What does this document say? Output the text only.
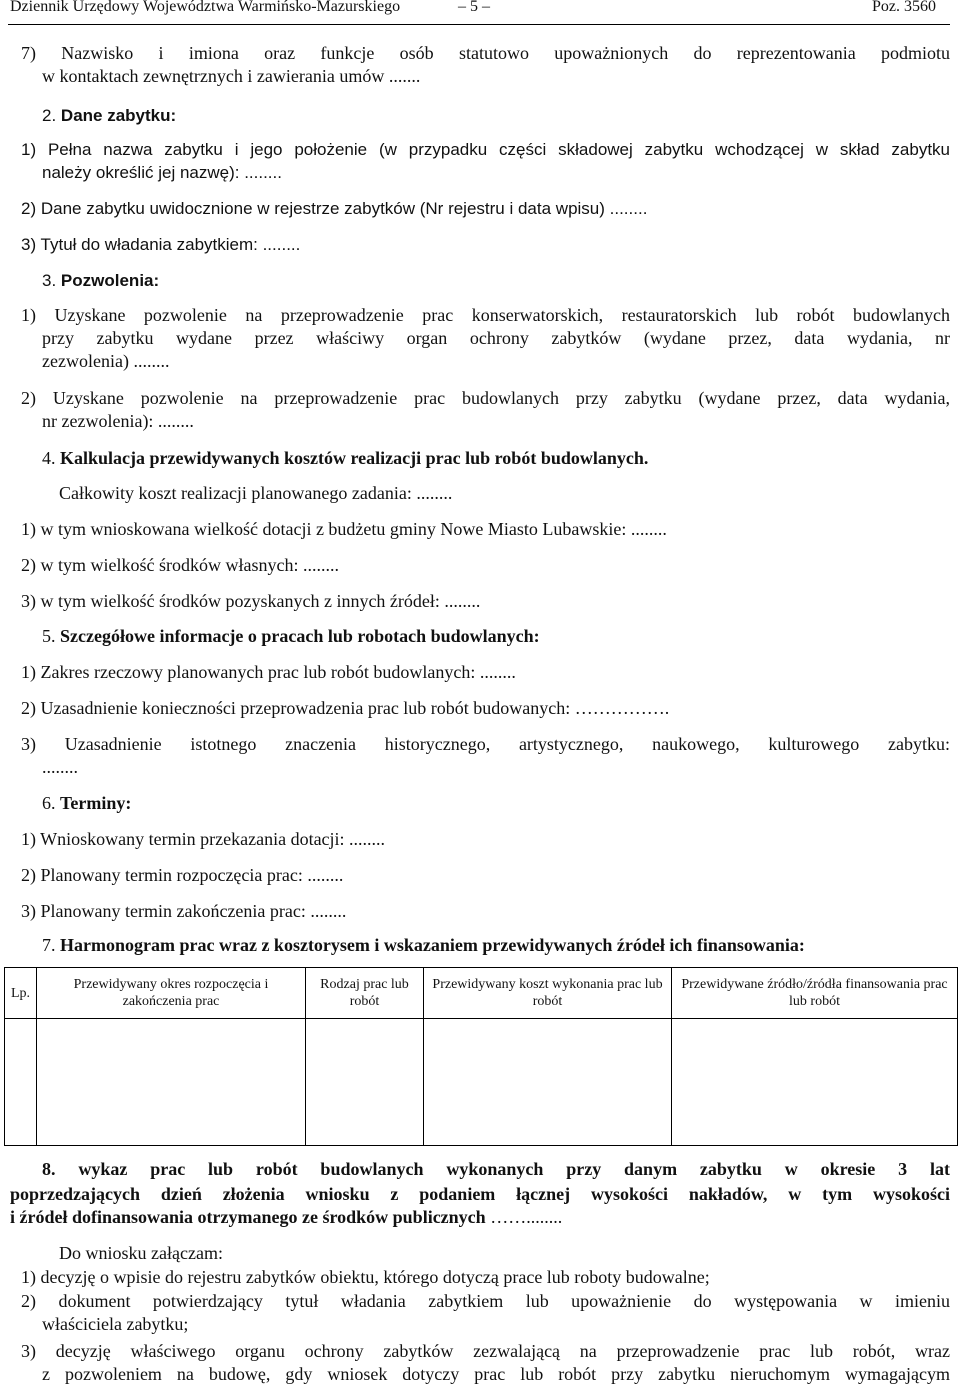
Dziennik Urzędowy Województwa Warmińsko-Mazurskiego	– 5 –	Poz. 3560
7) Nazwisko i imiona oraz funkcje osób statutowo upoważnionych do reprezentowania podmiotu
w kontaktach zewnętrznych i zawierania umów .......
2. Dane zabytku:
1) Pełna nazwa zabytku i jego położenie (w przypadku części składowej zabytku wchodzącej w skład zabytku
należy określić jej nazwę): ........
2) Dane zabytku uwidocznione w rejestrze zabytków (Nr rejestru i data wpisu) ........
3) Tytuł do władania zabytkiem: ........
3. Pozwolenia:
1) Uzyskane pozwolenie na przeprowadzenie prac konserwatorskich, restauratorskich lub robót budowlanych
przy zabytku wydane przez właściwy organ ochrony zabytków (wydane przez, data wydania, nr
zezwolenia) ........
2) Uzyskane pozwolenie na przeprowadzenie prac budowlanych przy zabytku (wydane przez, data wydania,
nr zezwolenia): ........
4. Kalkulacja przewidywanych kosztów realizacji prac lub robót budowlanych.
Całkowity koszt realizacji planowanego zadania: ........
1) w tym wnioskowana wielkość dotacji z budżetu gminy Nowe Miasto Lubawskie: ........
2) w tym wielkość środków własnych: ........
3) w tym wielkość środków pozyskanych z innych źródeł: ........
5. Szczegółowe informacje o pracach lub robotach budowlanych:
1) Zakres rzeczowy planowanych prac lub robót budowlanych: ........
2) Uzasadnienie konieczności przeprowadzenia prac lub robót budowanych: …………….
3) Uzasadnienie istotnego znaczenia historycznego, artystycznego, naukowego, kulturowego zabytku:
........
6. Terminy:
1) Wnioskowany termin przekazania dotacji: ........
2) Planowany termin rozpoczęcia prac: ........
3) Planowany termin zakończenia prac: ........
7. Harmonogram prac wraz z kosztorysem i wskazaniem przewidywanych źródeł ich finansowania:
Lp.	Przewidywany okres rozpoczęcia i zakończenia prac	Rodzaj prac lub robót	Przewidywany koszt wykonania prac lub robót	Przewidywane źródło/źródła finansowania prac lub robót

8. wykaz prac lub robót budowlanych wykonanych przy danym zabytku w okresie 3 lat
poprzedzających dzień złożenia wniosku z podaniem łącznej wysokości nakładów, w tym wysokości
i źródeł dofinansowania otrzymanego ze środków publicznych ……........
Do wniosku załączam:
1) decyzję o wpisie do rejestru zabytków obiektu, którego dotyczą prace lub roboty budowalne;
2) dokument potwierdzający tytuł władania zabytkiem lub upoważnienie do występowania w imieniu
właściciela zabytku;
3) decyzję właściwego organu ochrony zabytków zezwalającą na przeprowadzenie prac lub robót, wraz
z pozwoleniem na budowę, gdy wniosek dotyczy prac lub robót przy zabytku nieruchomym wymagającym
